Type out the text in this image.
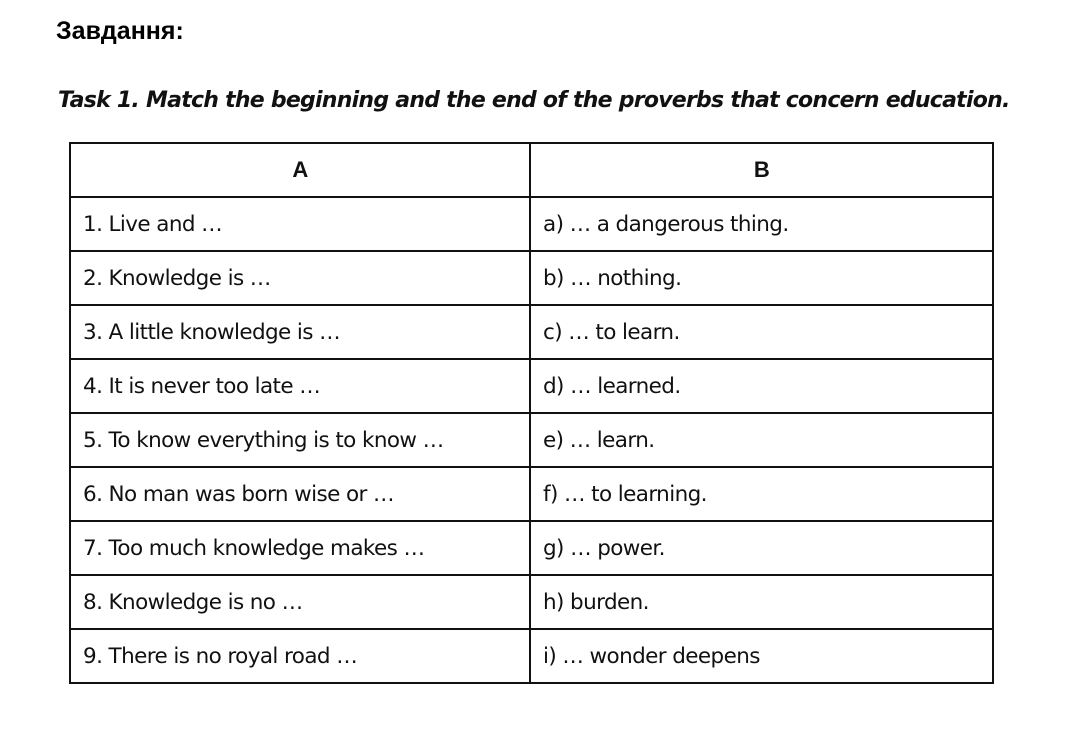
Завдання:

Task 1. Match the beginning and the end of the proverbs that concern education.

A	B
1. Live and …	a) … a dangerous thing.
2. Knowledge is …	b) … nothing.
3. A little knowledge is …	c) … to learn.
4. It is never too late …	d) … learned.
5. To know everything is to know …	e) … learn.
6. No man was born wise or …	f) … to learning.
7. Too much knowledge makes …	g) … power.
8. Knowledge is no …	h) burden.
9. There is no royal road …	i) … wonder deepens
